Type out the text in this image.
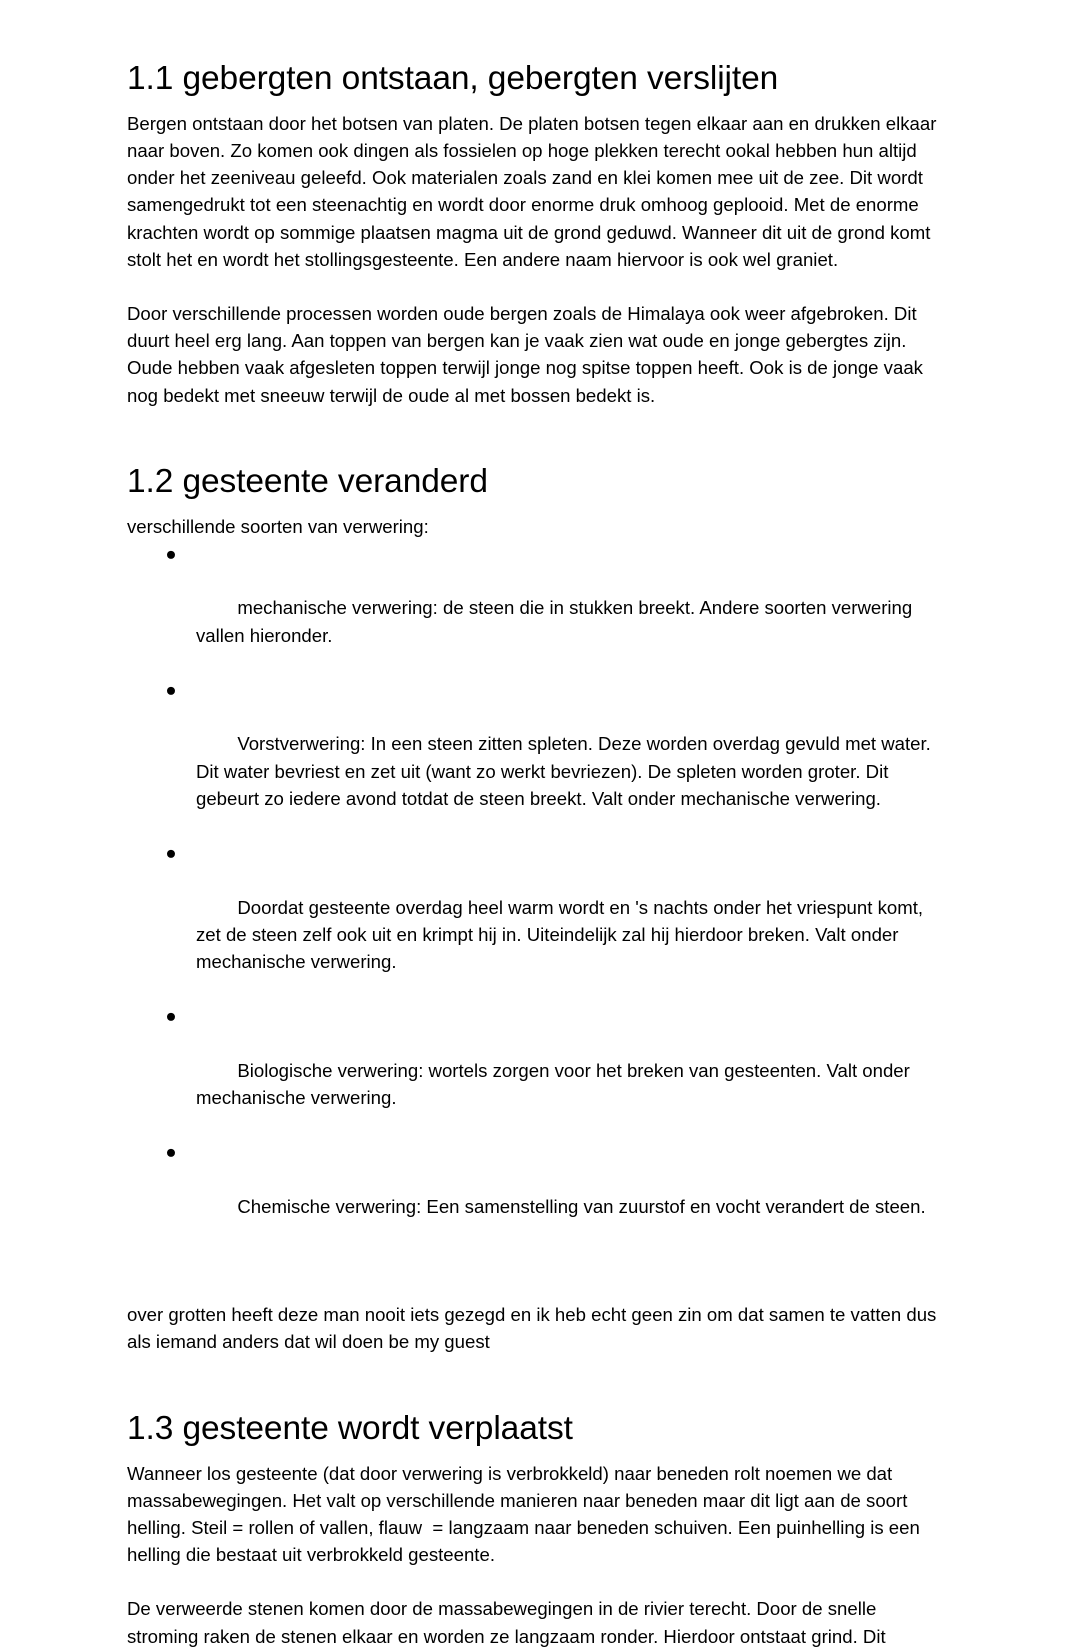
1.1 gebergten ontstaan, gebergten verslijten

Bergen ontstaan door het botsen van platen. De platen botsen tegen elkaar aan en drukken elkaar naar boven. Zo komen ook dingen als fossielen op hoge plekken terecht ookal hebben hun altijd onder het zeeniveau geleefd. Ook materialen zoals zand en klei komen mee uit de zee. Dit wordt samengedrukt tot een steenachtig en wordt door enorme druk omhoog geplooid. Met de enorme krachten wordt op sommige plaatsen magma uit de grond geduwd. Wanneer dit uit de grond komt stolt het en wordt het stollingsgesteente. Een andere naam hiervoor is ook wel graniet.

Door verschillende processen worden oude bergen zoals de Himalaya ook weer afgebroken. Dit duurt heel erg lang. Aan toppen van bergen kan je vaak zien wat oude en jonge gebergtes zijn. Oude hebben vaak afgesleten toppen terwijl jonge nog spitse toppen heeft. Ook is de jonge vaak nog bedekt met sneeuw terwijl de oude al met bossen bedekt is.

1.2 gesteente veranderd

verschillende soorten van verwering:

●

mechanische verwering: de steen die in stukken breekt. Andere soorten verwering vallen hieronder.

●

Vorstverwering: In een steen zitten spleten. Deze worden overdag gevuld met water. Dit water bevriest en zet uit (want zo werkt bevriezen). De spleten worden groter. Dit gebeurt zo iedere avond totdat de steen breekt. Valt onder mechanische verwering.

●

Doordat gesteente overdag heel warm wordt en 's nachts onder het vriespunt komt, zet de steen zelf ook uit en krimpt hij in. Uiteindelijk zal hij hierdoor breken. Valt onder mechanische verwering.

●

Biologische verwering: wortels zorgen voor het breken van gesteenten. Valt onder mechanische verwering.

●

Chemische verwering: Een samenstelling van zuurstof en vocht verandert de steen.

over grotten heeft deze man nooit iets gezegd en ik heb echt geen zin om dat samen te vatten dus als iemand anders dat wil doen be my guest

1.3 gesteente wordt verplaatst

Wanneer los gesteente (dat door verwering is verbrokkeld) naar beneden rolt noemen we dat massabewegingen. Het valt op verschillende manieren naar beneden maar dit ligt aan de soort helling. Steil = rollen of vallen, flauw  = langzaam naar beneden schuiven. Een puinhelling is een helling die bestaat uit verbrokkeld gesteente.

De verweerde stenen komen door de massabewegingen in de rivier terecht. Door de snelle stroming raken de stenen elkaar en worden ze langzaam ronder. Hierdoor ontstaat grind. Dit
